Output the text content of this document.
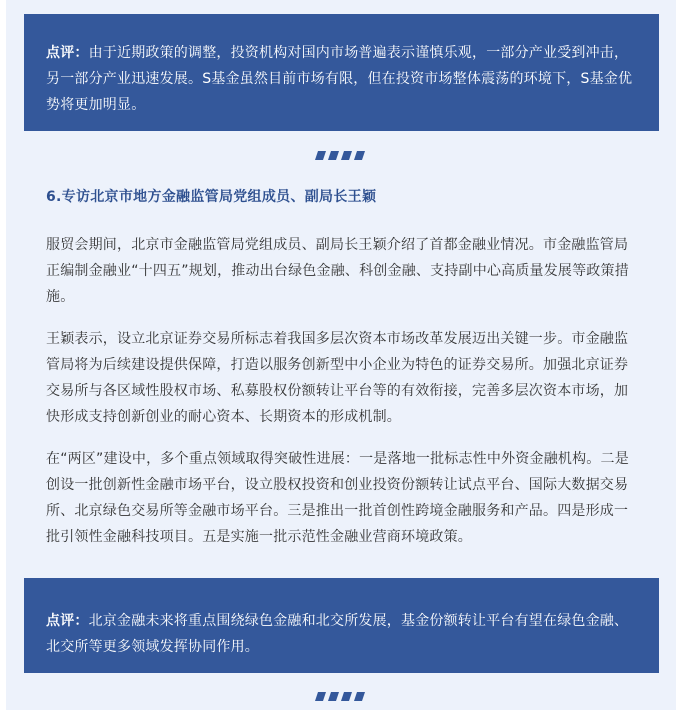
点评：由于近期政策的调整，投资机构对国内市场普遍表示谨慎乐观，一部分产业受到冲击，另一部分产业迅速发展。S基金虽然目前市场有限，但在投资市场整体震荡的环境下，S基金优势将更加明显。
6.专访北京市地方金融监管局党组成员、副局长王颖
服贸会期间，北京市金融监管局党组成员、副局长王颖介绍了首都金融业情况。市金融监管局正编制金融业“十四五”规划，推动出台绿色金融、科创金融、支持副中心高质量发展等政策措施。
王颖表示，设立北京证券交易所标志着我国多层次资本市场改革发展迈出关键一步。市金融监管局将为后续建设提供保障，打造以服务创新型中小企业为特色的证券交易所。加强北京证券交易所与各区域性股权市场、私募股权份额转让平台等的有效衔接，完善多层次资本市场，加快形成支持创新创业的耐心资本、长期资本的形成机制。
在“两区”建设中，多个重点领域取得突破性进展：一是落地一批标志性中外资金融机构。二是创设一批创新性金融市场平台，设立股权投资和创业投资份额转让试点平台、国际大数据交易所、北京绿色交易所等金融市场平台。三是推出一批首创性跨境金融服务和产品。四是形成一批引领性金融科技项目。五是实施一批示范性金融业营商环境政策。
点评：北京金融未来将重点围绕绿色金融和北交所发展，基金份额转让平台有望在绿色金融、北交所等更多领域发挥协同作用。
